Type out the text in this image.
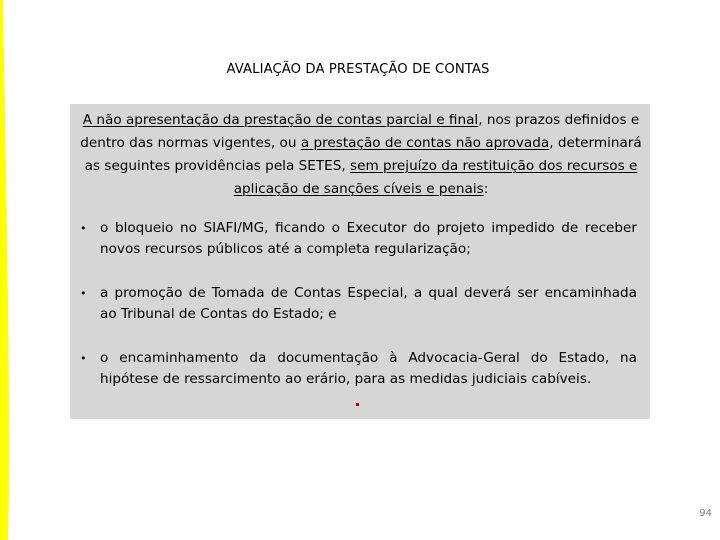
AVALIAÇÃO DA PRESTAÇÃO DE CONTAS
A não apresentação da prestação de contas parcial e final, nos prazos definidos e dentro das normas vigentes, ou a prestação de contas não aprovada, determinará as seguintes providências pela SETES, sem prejuízo da restituição dos recursos e aplicação de sanções cíveis e penais:
• o bloqueio no SIAFI/MG, ficando o Executor do projeto impedido de receber novos recursos públicos até a completa regularização;
• a promoção de Tomada de Contas Especial, a qual deverá ser encaminhada ao Tribunal de Contas do Estado; e
• o encaminhamento da documentação à Advocacia-Geral do Estado, na hipótese de ressarcimento ao erário, para as medidas judiciais cabíveis.
94
